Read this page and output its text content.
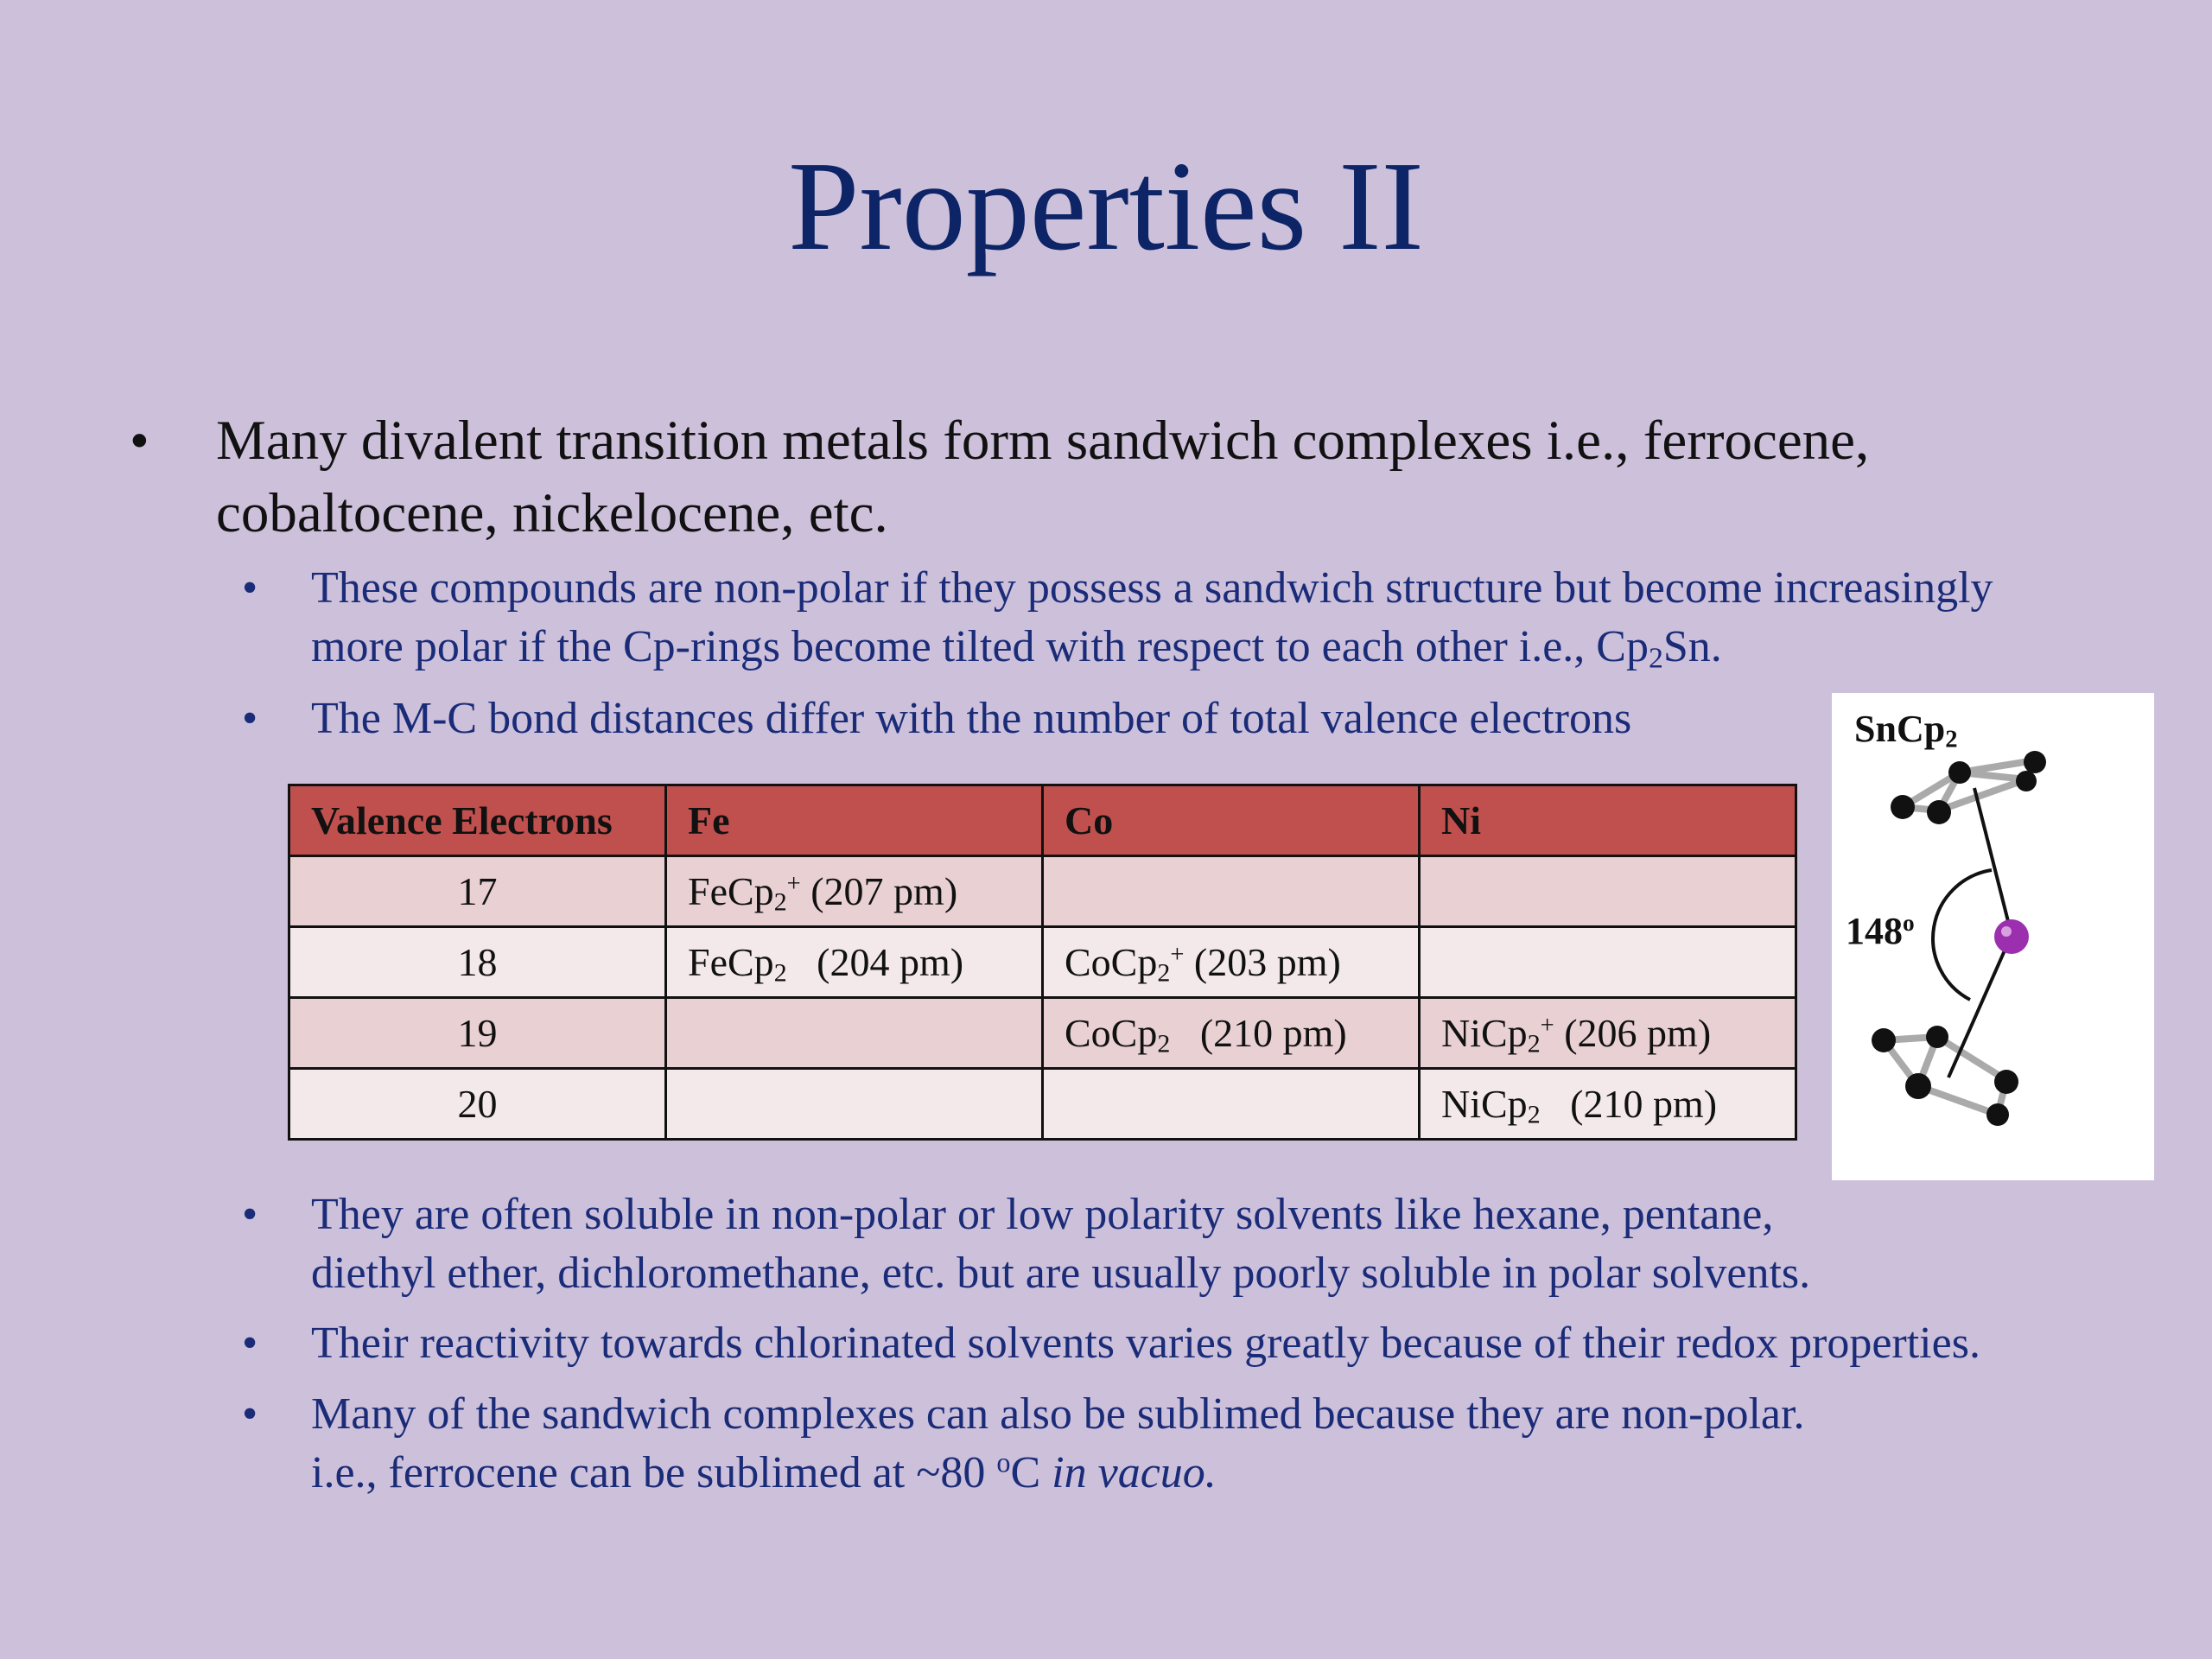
Properties II
• Many divalent transition metals form sandwich complexes i.e., ferrocene, cobaltocene, nickelocene, etc.
• These compounds are non-polar if they possess a sandwich structure but become increasingly
more polar if the Cp-rings become tilted with respect to each other i.e., $Cp_2Sn$.
• The M-C bond distances differ with the number of total valence electrons
Valence Electrons	Fe	Co	Ni
17	FeCp$_2$+ (207 pm)		
18	FeCp$_2$ (204 pm)	CoCp$_2$+ (203 pm)	
19		CoCp$_2$ (210 pm)	NiCp$_2$+ (206 pm)
20			NiCp$_2$ (210 pm)
SnCp$_2$
148$^o$
• They are often soluble in non-polar or low polarity solvents like hexane, pentane,
diethyl ether, dichloromethane, etc. but are usually poorly soluble in polar solvents.
• Their reactivity towards chlorinated solvents varies greatly because of their redox properties.
• Many of the sandwich complexes can also be sublimed because they are non-polar.
i.e., ferrocene can be sublimed at ~80 $^o$C in vacuo.
